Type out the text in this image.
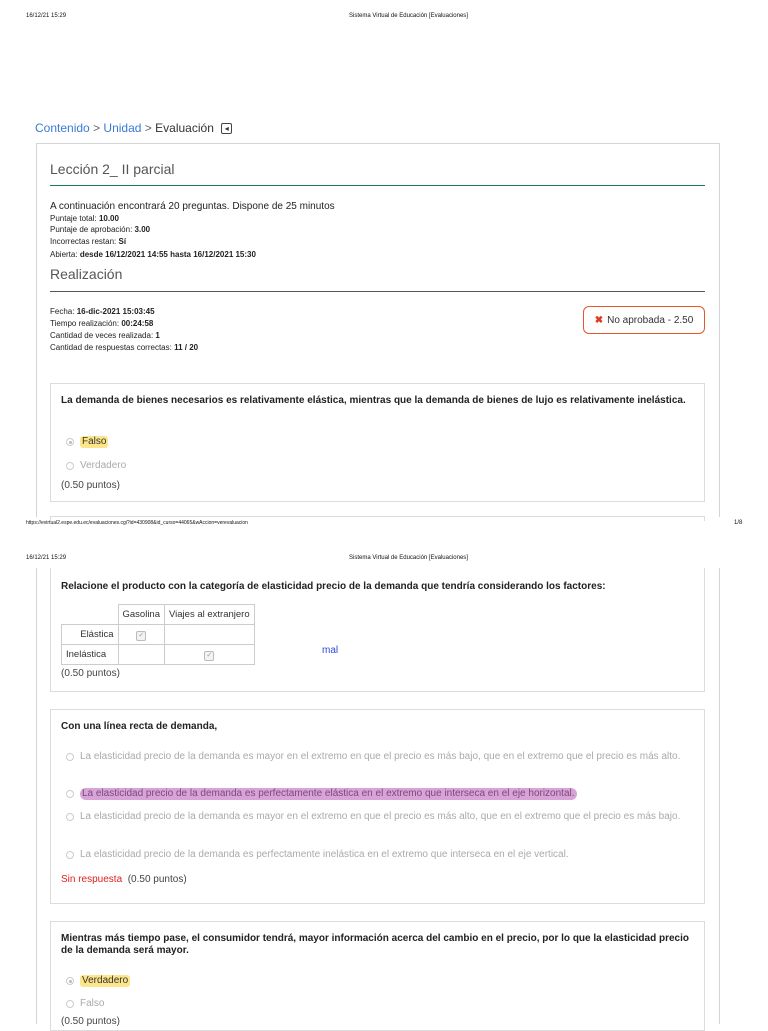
16/12/21 15:29	Sistema Virtual de Educación [Evaluaciones]
Contenido > Unidad > Evaluación ◂
Lección 2_ II parcial
A continuación encontrará 20 preguntas. Dispone de 25 minutos
Puntaje total: 10.00
Puntaje de aprobación: 3.00
Incorrectas restan: Sí
Abierta: desde 16/12/2021 14:55 hasta 16/12/2021 15:30
Realización
Fecha: 16-dic-2021 15:03:45
Tiempo realización: 00:24:58
Cantidad de veces realizada: 1
Cantidad de respuestas correctas: 11 / 20
✖ No aprobada - 2.50
La demanda de bienes necesarios es relativamente elástica, mientras que la demanda de bienes de lujo es relativamente inelástica.
Falso
Verdadero
(0.50 puntos)
https://evirtual2.espe.edu.ec/evaluaciones.cgi?id=430908&id_curso=44065&wAccion=verevaluacion	1/8
16/12/21 15:29	Sistema Virtual de Educación [Evaluaciones]
Relacione el producto con la categoría de elasticidad precio de la demanda que tendría considerando los factores:
	Gasolina	Viajes al extranjero
Elástica	✓	
Inelástica		✓	mal
(0.50 puntos)
Con una línea recta de demanda,
La elasticidad precio de la demanda es mayor en el extremo en que el precio es más bajo, que en el extremo que el precio es más alto.
La elasticidad precio de la demanda es perfectamente elástica en el extremo que interseca en el eje horizontal.
La elasticidad precio de la demanda es mayor en el extremo en que el precio es más alto, que en el extremo que el precio es más bajo.
La elasticidad precio de la demanda es perfectamente inelástica en el extremo que interseca en el eje vertical.
Sin respuesta (0.50 puntos)
Mientras más tiempo pase, el consumidor tendrá, mayor información acerca del cambio en el precio, por lo que la elasticidad precio de la demanda será mayor.
Verdadero
Falso
(0.50 puntos)
